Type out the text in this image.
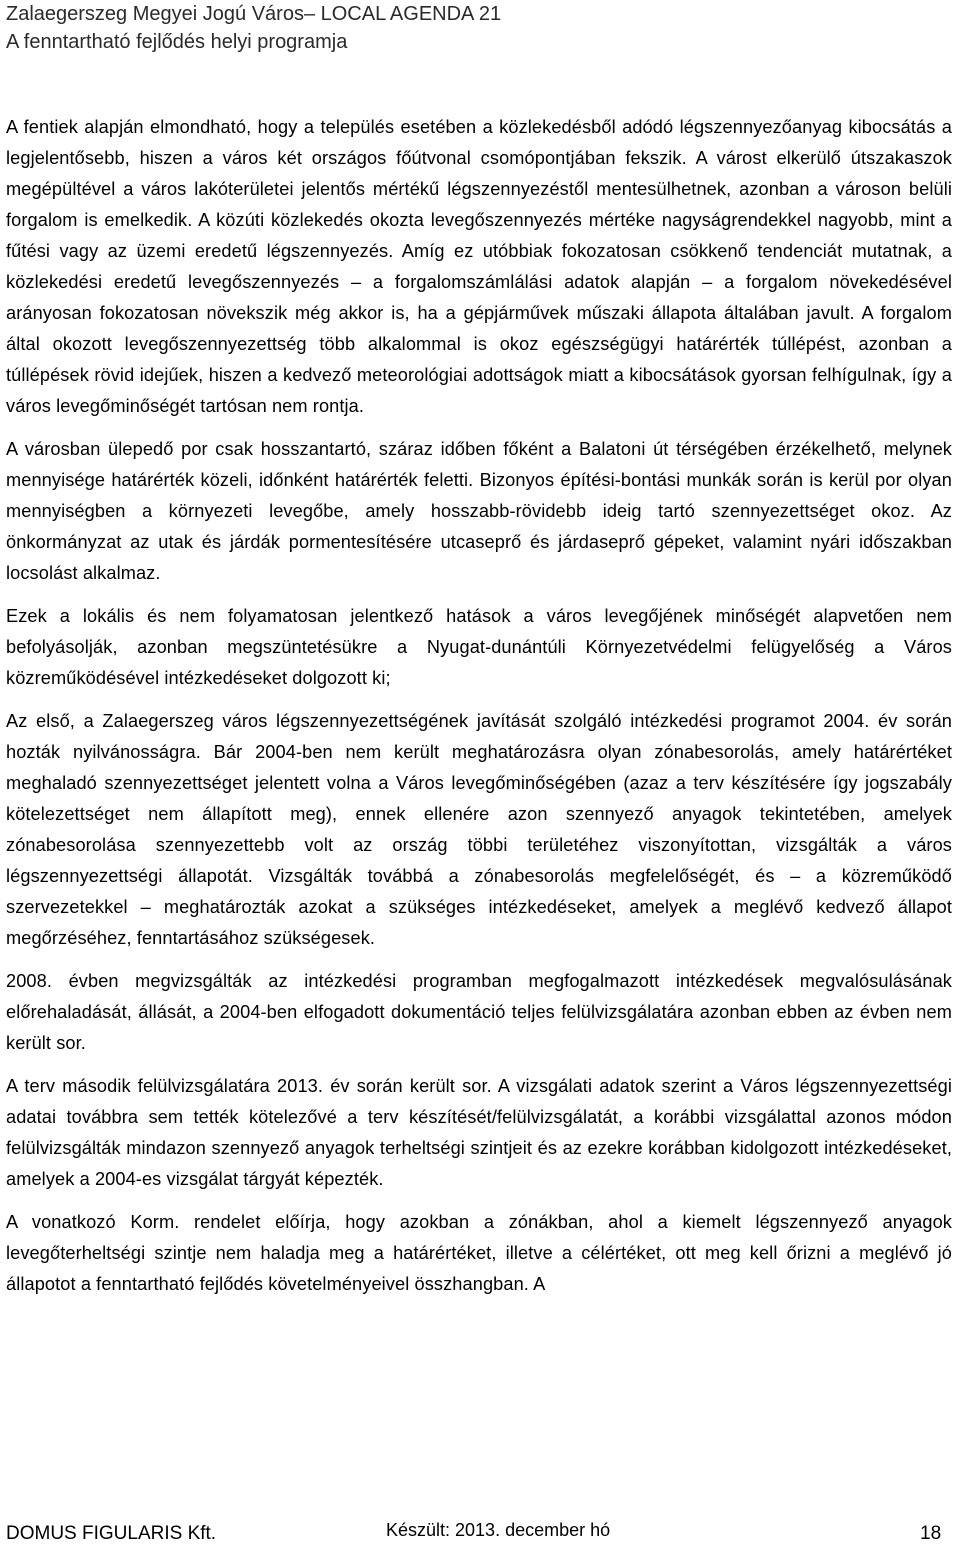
Zalaegerszeg Megyei Jogú Város– LOCAL AGENDA 21
A fenntartható fejlődés helyi programja

A fentiek alapján elmondható, hogy a település esetében a közlekedésből adódó légszennyezőanyag kibocsátás a legjelentősebb, hiszen a város két országos főútvonal csomópontjában fekszik. A várost elkerülő útszakaszok megépültével a város lakóterületei jelentős mértékű légszennyezéstől mentesülhetnek, azonban a városon belüli forgalom is emelkedik. A közúti közlekedés okozta levegőszennyezés mértéke nagyságrendekkel nagyobb, mint a fűtési vagy az üzemi eredetű légszennyezés. Amíg ez utóbbiak fokozatosan csökkenő tendenciát mutatnak, a közlekedési eredetű levegőszennyezés – a forgalomszámlálási adatok alapján – a forgalom növekedésével arányosan fokozatosan növekszik még akkor is, ha a gépjárművek műszaki állapota általában javult. A forgalom által okozott levegőszennyezettség több alkalommal is okoz egészségügyi határérték túllépést, azonban a túllépések rövid idejűek, hiszen a kedvező meteorológiai adottságok miatt a kibocsátások gyorsan felhígulnak, így a város levegőminőségét tartósan nem rontja.

A városban ülepedő por csak hosszantartó, száraz időben főként a Balatoni út térségében érzékelhető, melynek mennyisége határérték közeli, időnként határérték feletti. Bizonyos építési-bontási munkák során is kerül por olyan mennyiségben a környezeti levegőbe, amely hosszabb-rövidebb ideig tartó szennyezettséget okoz. Az önkormányzat az utak és járdák pormentesítésére utcaseprő és járdaseprő gépeket, valamint nyári időszakban locsolást alkalmaz.

Ezek a lokális és nem folyamatosan jelentkező hatások a város levegőjének minőségét alapvetően nem befolyásolják, azonban megszüntetésükre a Nyugat-dunántúli Környezetvédelmi felügyelőség a Város közreműködésével intézkedéseket dolgozott ki;

Az első, a Zalaegerszeg város légszennyezettségének javítását szolgáló intézkedési programot 2004. év során hozták nyilvánosságra. Bár 2004-ben nem került meghatározásra olyan zónabesorolás, amely határértéket meghaladó szennyezettséget jelentett volna a Város levegőminőségében (azaz a terv készítésére így jogszabály kötelezettséget nem állapított meg), ennek ellenére azon szennyező anyagok tekintetében, amelyek zónabesorolása szennyezettebb volt az ország többi területéhez viszonyítottan, vizsgálták a város légszennyezettségi állapotát. Vizsgálták továbbá a zónabesorolás megfelelőségét, és – a közreműködő szervezetekkel – meghatározták azokat a szükséges intézkedéseket, amelyek a meglévő kedvező állapot megőrzéséhez, fenntartásához szükségesek.

2008. évben megvizsgálták az intézkedési programban megfogalmazott intézkedések megvalósulásának előrehaladását, állását, a 2004-ben elfogadott dokumentáció teljes felülvizsgálatára azonban ebben az évben nem került sor.

A terv második felülvizsgálatára 2013. év során került sor. A vizsgálati adatok szerint a Város légszennyezettségi adatai továbbra sem tették kötelezővé a terv készítését/felülvizsgálatát, a korábbi vizsgálattal azonos módon felülvizsgálták mindazon szennyező anyagok terheltségi szintjeit és az ezekre korábban kidolgozott intézkedéseket, amelyek a 2004-es vizsgálat tárgyát képezték.

A vonatkozó Korm. rendelet előírja, hogy azokban a zónákban, ahol a kiemelt légszennyező anyagok levegőterheltségi szintje nem haladja meg a határértéket, illetve a célértéket, ott meg kell őrizni a meglévő jó állapotot a fenntartható fejlődés követelményeivel összhangban. A

DOMUS FIGULARIS Kft.	Készült: 2013. december hó	18
